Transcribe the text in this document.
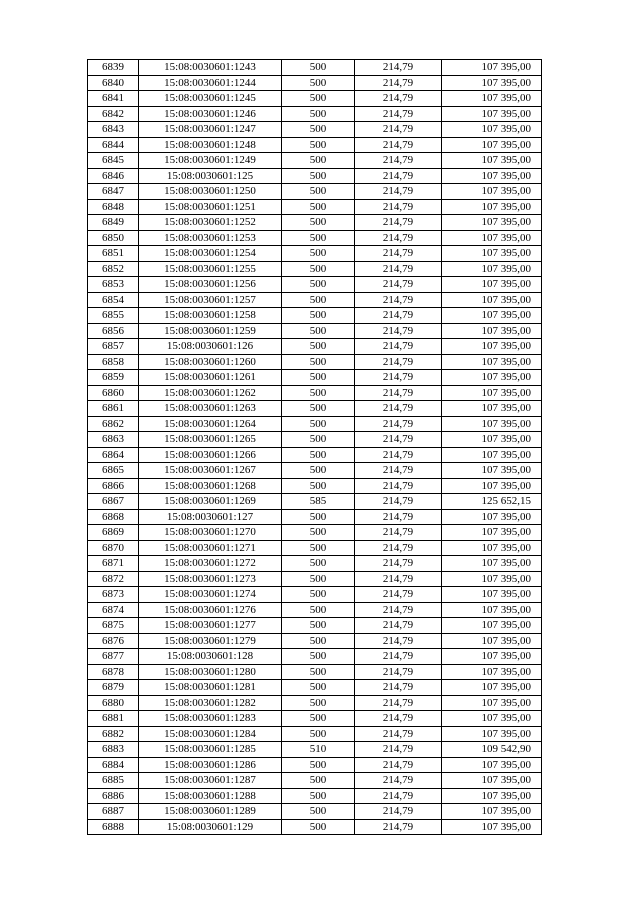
6839	15:08:0030601:1243	500	214,79	107 395,00
6840	15:08:0030601:1244	500	214,79	107 395,00
6841	15:08:0030601:1245	500	214,79	107 395,00
6842	15:08:0030601:1246	500	214,79	107 395,00
6843	15:08:0030601:1247	500	214,79	107 395,00
6844	15:08:0030601:1248	500	214,79	107 395,00
6845	15:08:0030601:1249	500	214,79	107 395,00
6846	15:08:0030601:125	500	214,79	107 395,00
6847	15:08:0030601:1250	500	214,79	107 395,00
6848	15:08:0030601:1251	500	214,79	107 395,00
6849	15:08:0030601:1252	500	214,79	107 395,00
6850	15:08:0030601:1253	500	214,79	107 395,00
6851	15:08:0030601:1254	500	214,79	107 395,00
6852	15:08:0030601:1255	500	214,79	107 395,00
6853	15:08:0030601:1256	500	214,79	107 395,00
6854	15:08:0030601:1257	500	214,79	107 395,00
6855	15:08:0030601:1258	500	214,79	107 395,00
6856	15:08:0030601:1259	500	214,79	107 395,00
6857	15:08:0030601:126	500	214,79	107 395,00
6858	15:08:0030601:1260	500	214,79	107 395,00
6859	15:08:0030601:1261	500	214,79	107 395,00
6860	15:08:0030601:1262	500	214,79	107 395,00
6861	15:08:0030601:1263	500	214,79	107 395,00
6862	15:08:0030601:1264	500	214,79	107 395,00
6863	15:08:0030601:1265	500	214,79	107 395,00
6864	15:08:0030601:1266	500	214,79	107 395,00
6865	15:08:0030601:1267	500	214,79	107 395,00
6866	15:08:0030601:1268	500	214,79	107 395,00
6867	15:08:0030601:1269	585	214,79	125 652,15
6868	15:08:0030601:127	500	214,79	107 395,00
6869	15:08:0030601:1270	500	214,79	107 395,00
6870	15:08:0030601:1271	500	214,79	107 395,00
6871	15:08:0030601:1272	500	214,79	107 395,00
6872	15:08:0030601:1273	500	214,79	107 395,00
6873	15:08:0030601:1274	500	214,79	107 395,00
6874	15:08:0030601:1276	500	214,79	107 395,00
6875	15:08:0030601:1277	500	214,79	107 395,00
6876	15:08:0030601:1279	500	214,79	107 395,00
6877	15:08:0030601:128	500	214,79	107 395,00
6878	15:08:0030601:1280	500	214,79	107 395,00
6879	15:08:0030601:1281	500	214,79	107 395,00
6880	15:08:0030601:1282	500	214,79	107 395,00
6881	15:08:0030601:1283	500	214,79	107 395,00
6882	15:08:0030601:1284	500	214,79	107 395,00
6883	15:08:0030601:1285	510	214,79	109 542,90
6884	15:08:0030601:1286	500	214,79	107 395,00
6885	15:08:0030601:1287	500	214,79	107 395,00
6886	15:08:0030601:1288	500	214,79	107 395,00
6887	15:08:0030601:1289	500	214,79	107 395,00
6888	15:08:0030601:129	500	214,79	107 395,00
